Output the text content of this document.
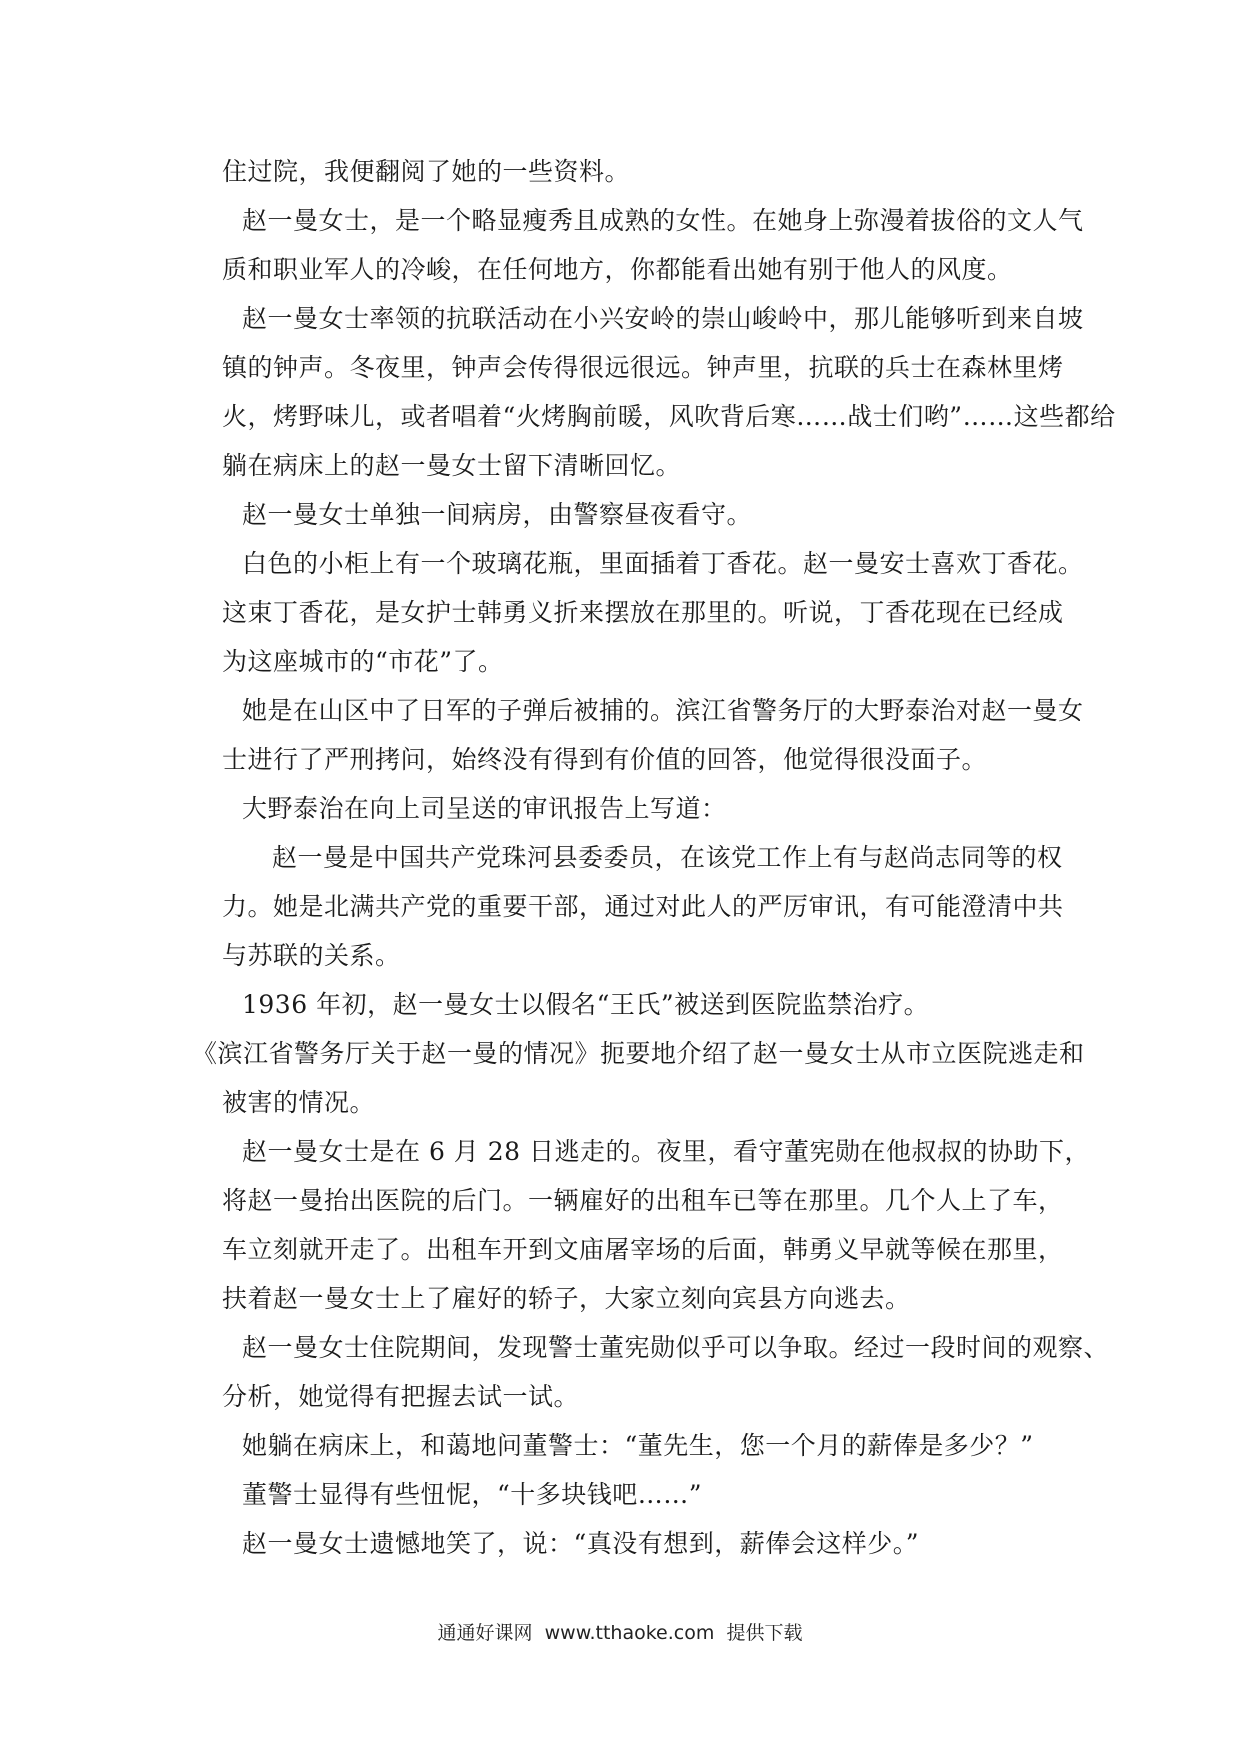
住过院，我便翻阅了她的一些资料。
赵一曼女士，是一个略显瘦秀且成熟的女性。在她身上弥漫着拔俗的文人气
质和职业军人的冷峻，在任何地方，你都能看出她有别于他人的风度。
赵一曼女士率领的抗联活动在小兴安岭的崇山峻岭中，那儿能够听到来自坡
镇的钟声。冬夜里，钟声会传得很远很远。钟声里，抗联的兵士在森林里烤
火，烤野味儿，或者唱着“火烤胸前暖，风吹背后寒……战士们哟”……这些都给
躺在病床上的赵一曼女士留下清晰回忆。
赵一曼女士单独一间病房，由警察昼夜看守。
白色的小柜上有一个玻璃花瓶，里面插着丁香花。赵一曼安士喜欢丁香花。
这束丁香花，是女护士韩勇义折来摆放在那里的。听说，丁香花现在已经成
为这座城市的“市花”了。
她是在山区中了日军的子弹后被捕的。滨江省警务厅的大野泰治对赵一曼女
士进行了严刑拷问，始终没有得到有价值的回答，他觉得很没面子。
大野泰治在向上司呈送的审讯报告上写道：
赵一曼是中国共产党珠河县委委员，在该党工作上有与赵尚志同等的权
力。她是北满共产党的重要干部，通过对此人的严厉审讯，有可能澄清中共
与苏联的关系。
1936 年初，赵一曼女士以假名“王氏”被送到医院监禁治疗。
《滨江省警务厅关于赵一曼的情况》扼要地介绍了赵一曼女士从市立医院逃走和
被害的情况。
赵一曼女士是在 6 月 28 日逃走的。夜里，看守董宪勋在他叔叔的协助下，
将赵一曼抬出医院的后门。一辆雇好的出租车已等在那里。几个人上了车，
车立刻就开走了。出租车开到文庙屠宰场的后面，韩勇义早就等候在那里，
扶着赵一曼女士上了雇好的轿子，大家立刻向宾县方向逃去。
赵一曼女士住院期间，发现警士董宪勋似乎可以争取。经过一段时间的观察、
分析，她觉得有把握去试一试。
她躺在病床上，和蔼地问董警士：“董先生，您一个月的薪俸是多少？”
董警士显得有些忸怩，“十多块钱吧……”
赵一曼女士遗憾地笑了，说：“真没有想到，薪俸会这样少。”
通通好课网  www.tthaoke.com  提供下载
